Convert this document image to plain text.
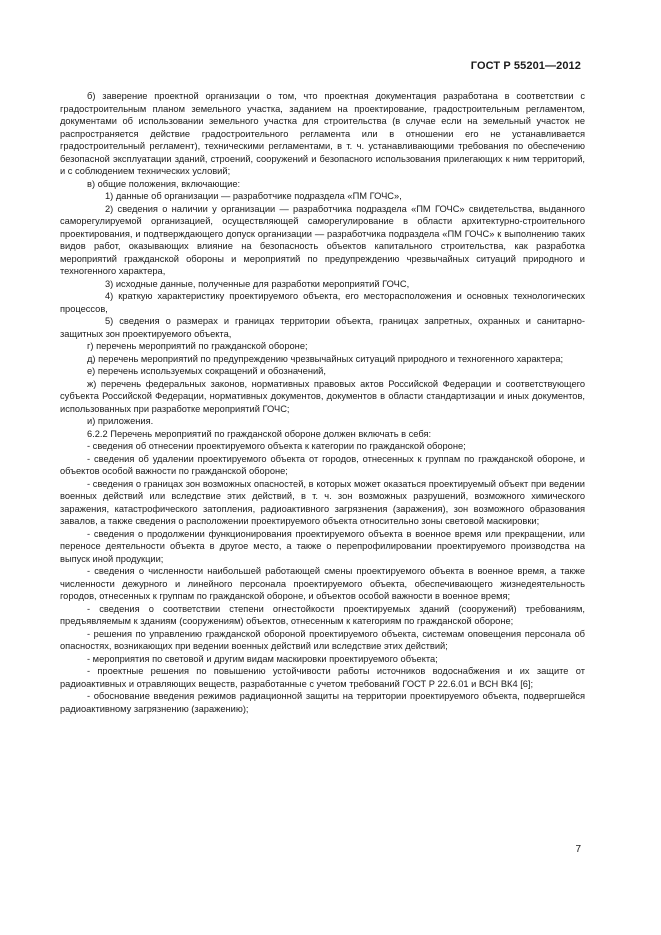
ГОСТ Р 55201—2012

б) заверение проектной организации о том, что проектная документация разработана в соответствии с градостроительным планом земельного участка, заданием на проектирование, градостроительным регламентом, документами об использовании земельного участка для строительства (в случае если на земельный участок не распространяется действие градостроительного регламента или в отношении его не устанавливается градостроительный регламент), техническими регламентами, в т. ч. устанавливающими требования по обеспечению безопасной эксплуатации зданий, строений, сооружений и безопасного использования прилегающих к ним территорий, и с соблюдением технических условий;

в) общие положения, включающие:

1) данные об организации — разработчике подраздела «ПМ ГОЧС»,

2) сведения о наличии у организации — разработчика подраздела «ПМ ГОЧС» свидетельства, выданного саморегулируемой организацией, осуществляющей саморегулирование в области архитектурно-строительного проектирования, и подтверждающего допуск организации — разработчика подраздела «ПМ ГОЧС» к выполнению таких видов работ, оказывающих влияние на безопасность объектов капитального строительства, как разработка мероприятий гражданской обороны и мероприятий по предупреждению чрезвычайных ситуаций природного и техногенного характера,

3) исходные данные, полученные для разработки мероприятий ГОЧС,

4) краткую характеристику проектируемого объекта, его месторасположения и основных технологических процессов,

5) сведения о размерах и границах территории объекта, границах запретных, охранных и санитарно-защитных зон проектируемого объекта,

г) перечень мероприятий по гражданской обороне;

д) перечень мероприятий по предупреждению чрезвычайных ситуаций природного и техногенного характера;

е) перечень используемых сокращений и обозначений,

ж) перечень федеральных законов, нормативных правовых актов Российской Федерации и соответствующего субъекта Российской Федерации, нормативных документов, документов в области стандартизации и иных документов, использованных при разработке мероприятий ГОЧС;

и) приложения.

6.2.2 Перечень мероприятий по гражданской обороне должен включать в себя:

- сведения об отнесении проектируемого объекта к категории по гражданской обороне;

- сведения об удалении проектируемого объекта от городов, отнесенных к группам по гражданской обороне, и объектов особой важности по гражданской обороне;

- сведения о границах зон возможных опасностей, в которых может оказаться проектируемый объект при ведении военных действий или вследствие этих действий, в т. ч. зон возможных разрушений, возможного химического заражения, катастрофического затопления, радиоактивного загрязнения (заражения), зон возможного образования завалов, а также сведения о расположении проектируемого объекта относительно зоны световой маскировки;

- сведения о продолжении функционирования проектируемого объекта в военное время или прекращении, или переносе деятельности объекта в другое место, а также о перепрофилировании проектируемого производства на выпуск иной продукции;

- сведения о численности наибольшей работающей смены проектируемого объекта в военное время, а также численности дежурного и линейного персонала проектируемого объекта, обеспечивающего жизнедеятельность городов, отнесенных к группам по гражданской обороне, и объектов особой важности в военное время;

- сведения о соответствии степени огнестойкости проектируемых зданий (сооружений) требованиям, предъявляемым к зданиям (сооружениям) объектов, отнесенным к категориям по гражданской обороне;

- решения по управлению гражданской обороной проектируемого объекта, системам оповещения персонала об опасностях, возникающих при ведении военных действий или вследствие этих действий;

- мероприятия по световой и другим видам маскировки проектируемого объекта;

- проектные решения по повышению устойчивости работы источников водоснабжения и их защите от радиоактивных и отравляющих веществ, разработанные с учетом требований ГОСТ Р 22.6.01 и ВСН ВК4 [6];

- обоснование введения режимов радиационной защиты на территории проектируемого объекта, подвергшейся радиоактивному загрязнению (заражению);

7
